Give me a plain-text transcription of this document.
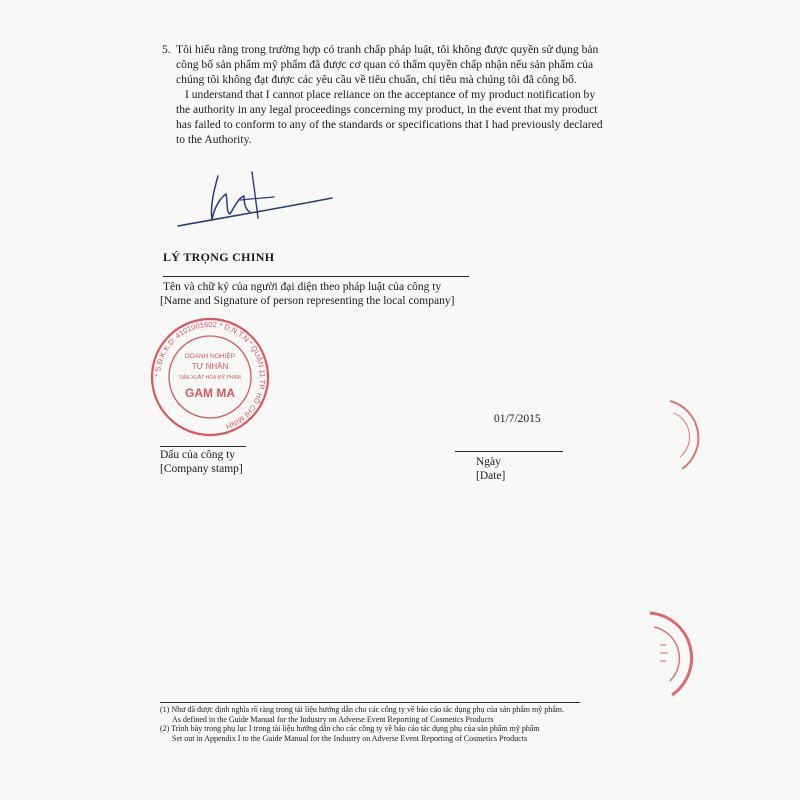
5. Tôi hiểu rằng trong trường hợp có tranh chấp pháp luật, tôi không được quyền sử dụng bản
công bố sản phẩm mỹ phẩm đã được cơ quan có thẩm quyền chấp nhận nếu sản phẩm của
chúng tôi không đạt được các yêu cầu về tiêu chuẩn, chỉ tiêu mà chúng tôi đã công bố.
I understand that I cannot place reliance on the acceptance of my product notification by
the authority in any legal proceedings concerning my product, in the event that my product
has failed to conform to any of the standards or specifications that I had previously declared
to the Authority.
LÝ TRỌNG CHINH
Tên và chữ ký của người đại diện theo pháp luật của công ty
[Name and Signature of person representing the local company]
* S.Đ.K.K.D: 4101001602 * D.N.T.N * QUẬN 11 TP. HỒ CHÍ MINH
DOANH NGHIỆP
TƯ NHÂN
SẢN XUẤT HÓA MỸ PHẨM
GAM MA
01/7/2015
Dấu của công ty
[Company stamp]
Ngày
[Date]
(1) Như đã được định nghĩa rõ ràng trong tài liệu hướng dẫn cho các công ty về báo cáo tác dụng phụ của sản phẩm mỹ phẩm.
As defined in the Guide Manual for the Industry on Adverse Event Reporting of Cosmetics Products
(2) Trình bày trong phụ lục I trong tài liệu hướng dẫn cho các công ty về báo cáo tác dụng phụ của sản phẩm mỹ phẩm
Set out in Appendix I to the Guide Manual for the Industry on Adverse Event Reporting of Cosmetics Products
